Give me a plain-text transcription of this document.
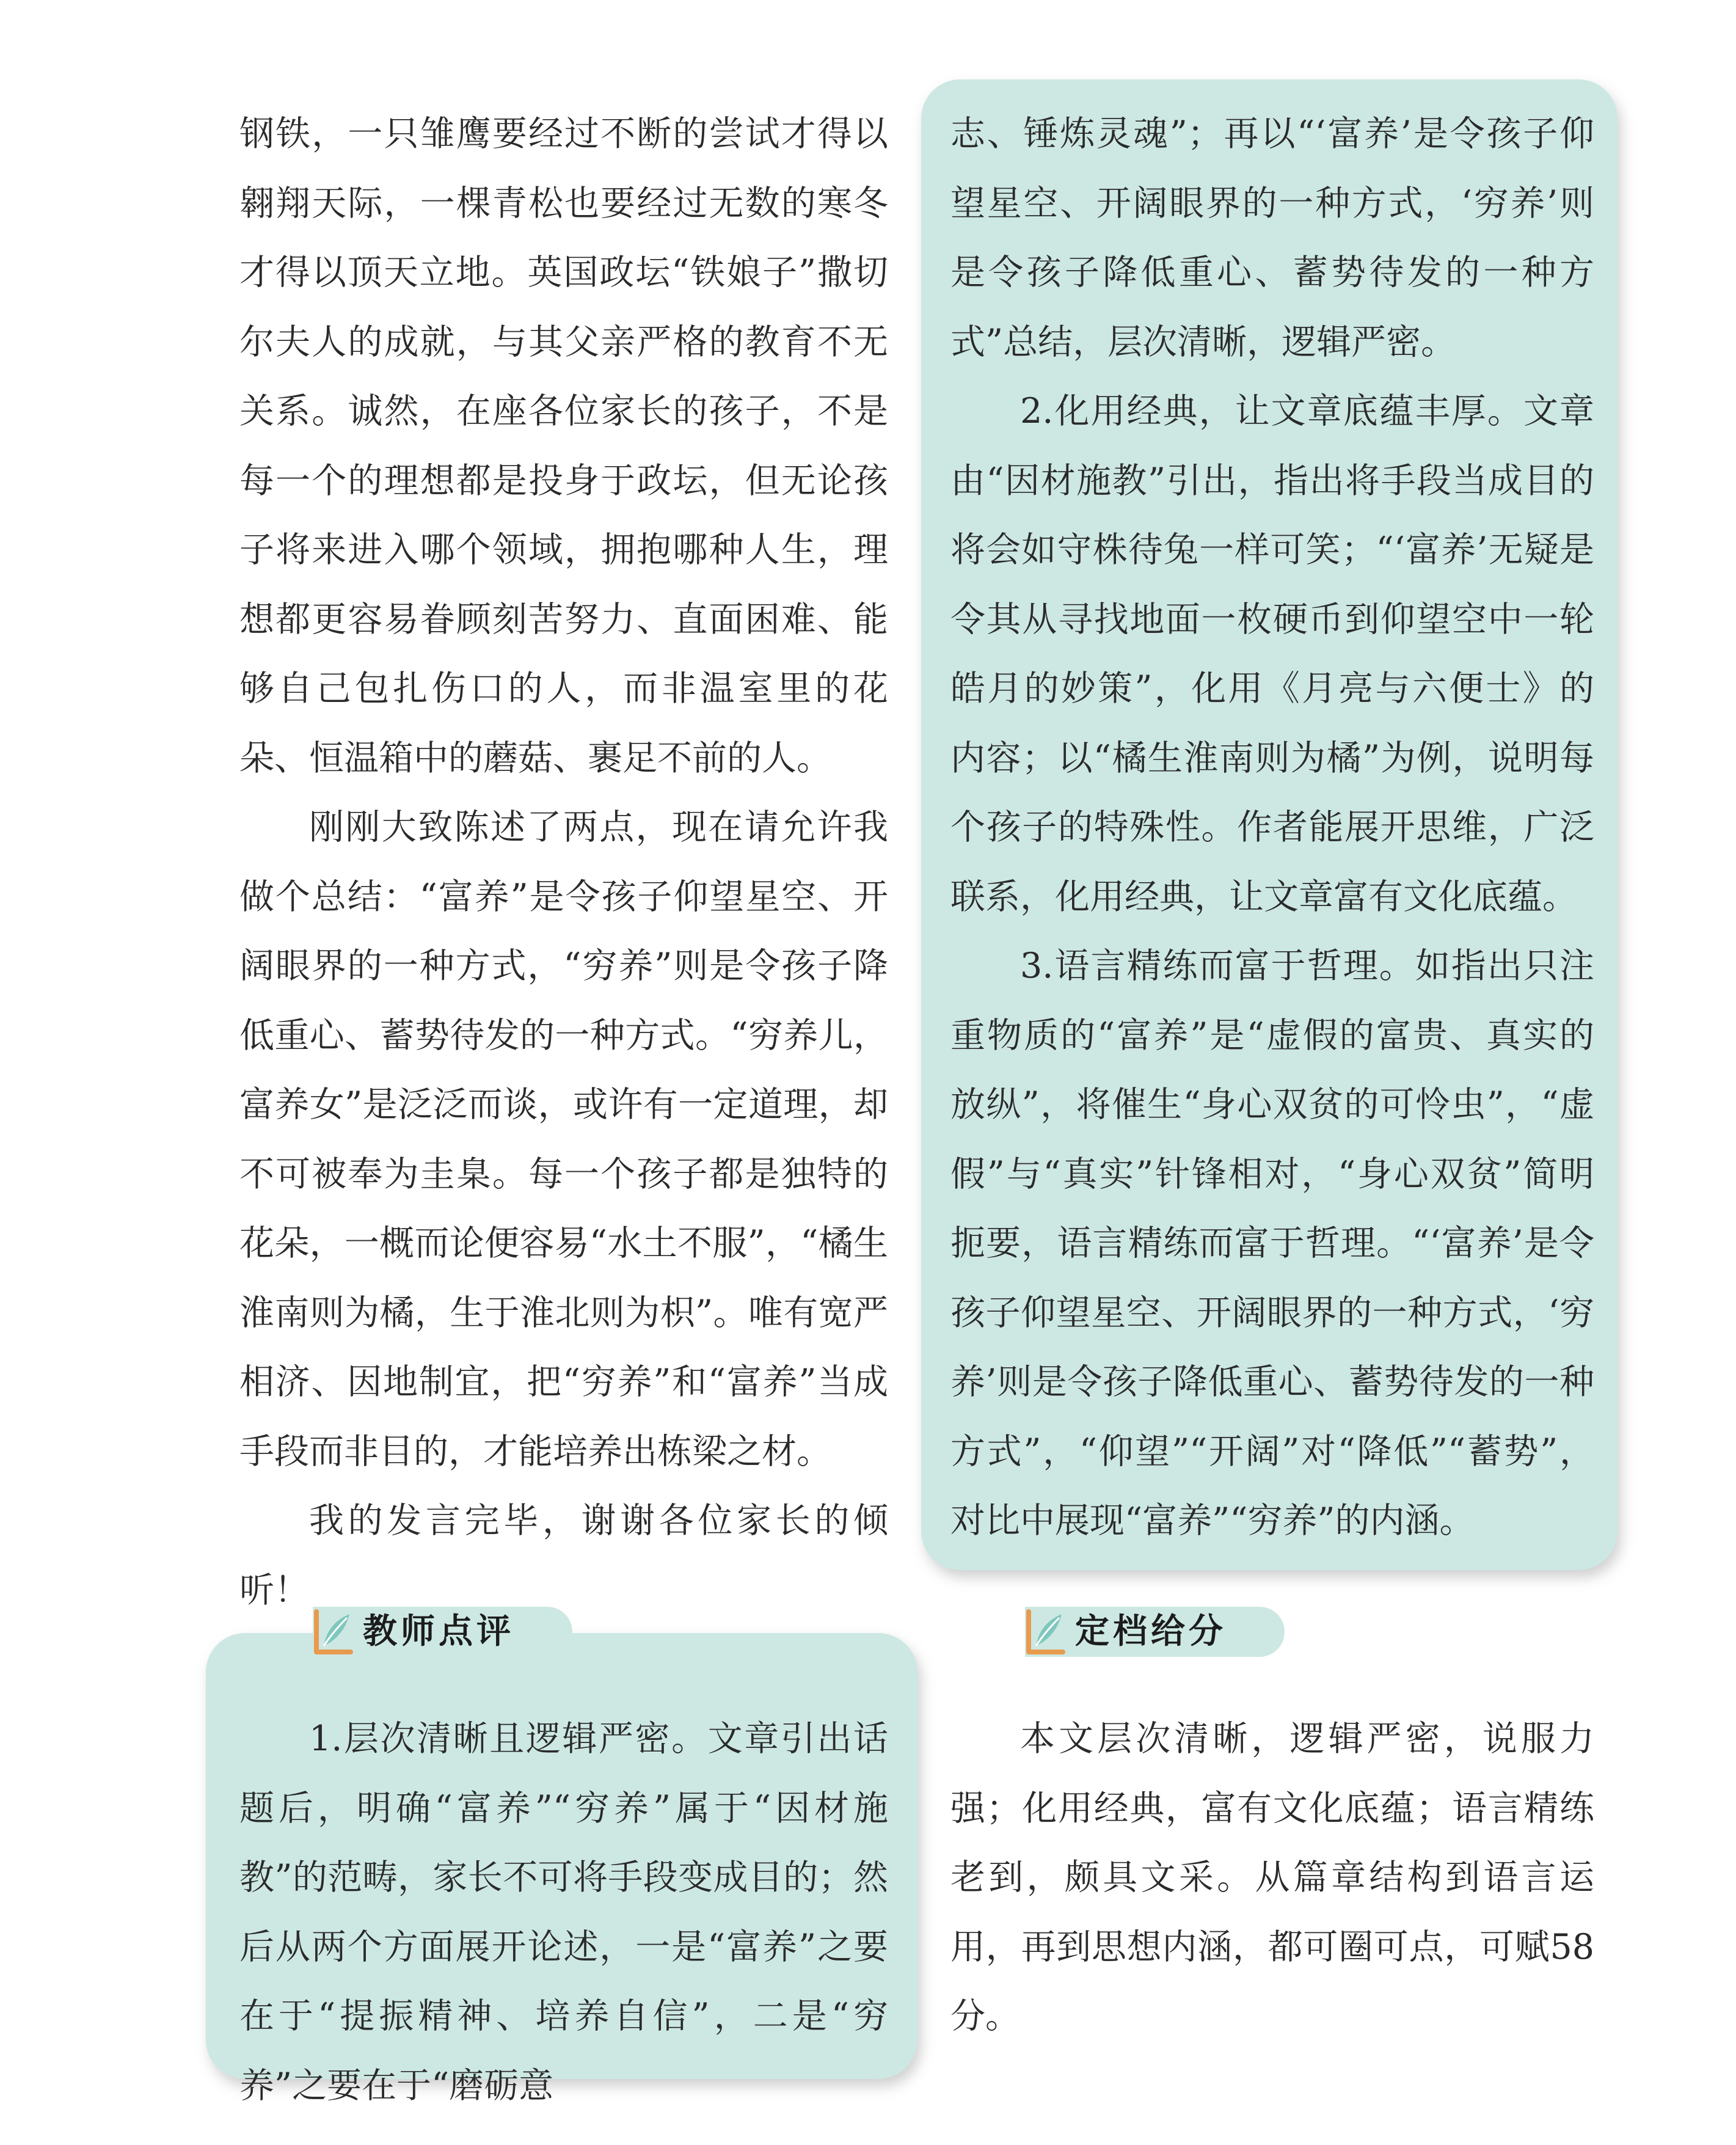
钢铁，一只雏鹰要经过不断的尝试才得以翱翔天际，一棵青松也要经过无数的寒冬才得以顶天立地。英国政坛“铁娘子”撒切尔夫人的成就，与其父亲严格的教育不无关系。诚然，在座各位家长的孩子，不是每一个的理想都是投身于政坛，但无论孩子将来进入哪个领域，拥抱哪种人生，理想都更容易眷顾刻苦努力、直面困难、能够自己包扎伤口的人，而非温室里的花朵、恒温箱中的蘑菇、裹足不前的人。

刚刚大致陈述了两点，现在请允许我做个总结：“富养”是令孩子仰望星空、开阔眼界的一种方式，“穷养”则是令孩子降低重心、蓄势待发的一种方式。“穷养儿，富养女”是泛泛而谈，或许有一定道理，却不可被奉为圭臬。每一个孩子都是独特的花朵，一概而论便容易“水土不服”，“橘生淮南则为橘，生于淮北则为枳”。唯有宽严相济、因地制宜，把“穷养”和“富养”当成手段而非目的，才能培养出栋梁之材。

我的发言完毕，谢谢各位家长的倾听！

志、锤炼灵魂”；再以“‘富养’是令孩子仰望星空、开阔眼界的一种方式，‘穷养’则是令孩子降低重心、蓄势待发的一种方式”总结，层次清晰，逻辑严密。

2.化用经典，让文章底蕴丰厚。文章由“因材施教”引出，指出将手段当成目的将会如守株待兔一样可笑；“‘富养’无疑是令其从寻找地面一枚硬币到仰望空中一轮皓月的妙策”，化用《月亮与六便士》的内容；以“橘生淮南则为橘”为例，说明每个孩子的特殊性。作者能展开思维，广泛联系，化用经典，让文章富有文化底蕴。

3.语言精练而富于哲理。如指出只注重物质的“富养”是“虚假的富贵、真实的放纵”，将催生“身心双贫的可怜虫”，“虚假”与“真实”针锋相对，“身心双贫”简明扼要，语言精练而富于哲理。“‘富养’是令孩子仰望星空、开阔眼界的一种方式，‘穷养’则是令孩子降低重心、蓄势待发的一种方式”，“仰望”“开阔”对“降低”“蓄势”，对比中展现“富养”“穷养”的内涵。

教师点评

1.层次清晰且逻辑严密。文章引出话题后，明确“富养”“穷养”属于“因材施教”的范畴，家长不可将手段变成目的；然后从两个方面展开论述，一是“富养”之要在于“提振精神、培养自信”，二是“穷养”之要在于“磨砺意

定档给分

本文层次清晰，逻辑严密，说服力强；化用经典，富有文化底蕴；语言精练老到，颇具文采。从篇章结构到语言运用，再到思想内涵，都可圈可点，可赋58分。
